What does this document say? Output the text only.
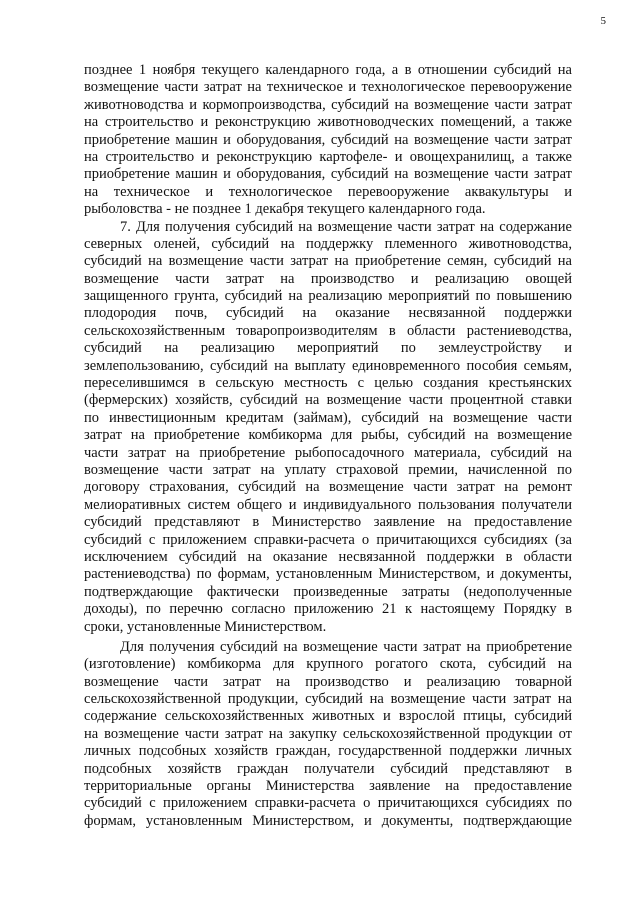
5
позднее 1 ноября текущего календарного года, а в отношении субсидий на
возмещение части затрат на техническое и технологическое перевооружение
животноводства и кормопроизводства, субсидий на возмещение части затрат
на строительство и реконструкцию животноводческих помещений, а также
приобретение машин и оборудования, субсидий на возмещение части затрат
на строительство и реконструкцию картофеле- и овощехранилищ, а также
приобретение машин и оборудования, субсидий на возмещение части затрат
на техническое и технологическое перевооружение аквакультуры и
рыболовства - не позднее 1 декабря текущего календарного года.
7. Для получения субсидий на возмещение части затрат на содержание
северных оленей, субсидий на поддержку племенного животноводства,
субсидий на возмещение части затрат на приобретение семян, субсидий на
возмещение части затрат на производство и реализацию овощей
защищенного грунта, субсидий на реализацию мероприятий по повышению
плодородия почв, субсидий на оказание несвязанной поддержки
сельскохозяйственным товаропроизводителям в области растениеводства,
субсидий на реализацию мероприятий по землеустройству и
землепользованию, субсидий на выплату единовременного пособия семьям,
переселившимся в сельскую местность с целью создания крестьянских
(фермерских) хозяйств, субсидий на возмещение части процентной ставки
по инвестиционным кредитам (займам), субсидий на возмещение части
затрат на приобретение комбикорма для рыбы, субсидий на возмещение
части затрат на приобретение рыбопосадочного материала, субсидий на
возмещение части затрат на уплату страховой премии, начисленной по
договору страхования, субсидий на возмещение части затрат на ремонт
мелиоративных систем общего и индивидуального пользования получатели
субсидий представляют в Министерство заявление на предоставление
субсидий с приложением справки-расчета о причитающихся субсидиях (за
исключением субсидий на оказание несвязанной поддержки в области
растениеводства) по формам, установленным Министерством, и документы,
подтверждающие фактически произведенные затраты (недополученные
доходы), по перечню согласно приложению 21 к настоящему Порядку в
сроки, установленные Министерством.
Для получения субсидий на возмещение части затрат на приобретение
(изготовление) комбикорма для крупного рогатого скота, субсидий на
возмещение части затрат на производство и реализацию товарной
сельскохозяйственной продукции, субсидий на возмещение части затрат на
содержание сельскохозяйственных животных и взрослой птицы, субсидий
на возмещение части затрат на закупку сельскохозяйственной продукции от
личных подсобных хозяйств граждан, государственной поддержки личных
подсобных хозяйств граждан получатели субсидий представляют в
территориальные органы Министерства заявление на предоставление
субсидий с приложением справки-расчета о причитающихся субсидиях по
формам, установленным Министерством, и документы, подтверждающие
